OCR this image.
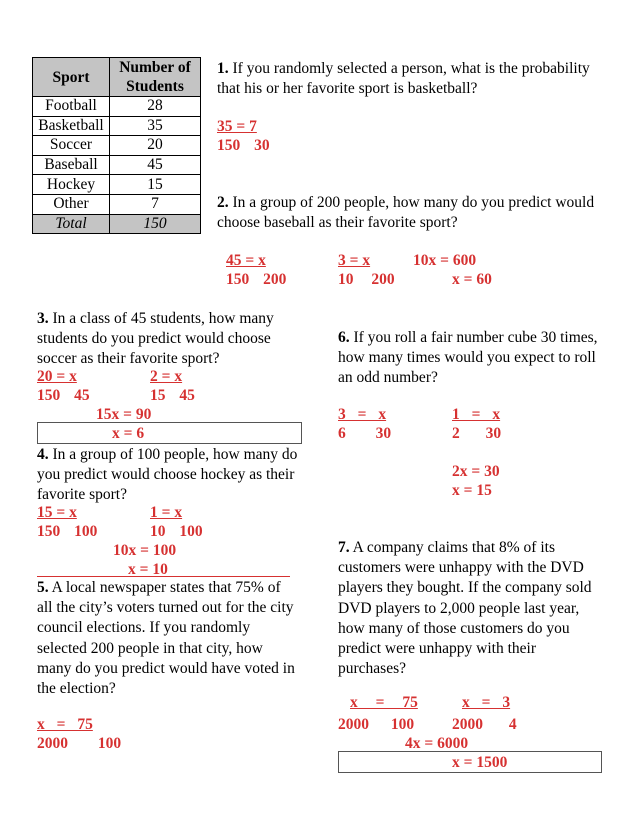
Sport	Number of Students
Football	28
Basketball	35
Soccer	20
Baseball	45
Hockey	15
Other	7
Total	150
1. If you randomly selected a person, what is the probability that his or her favorite sport is basketball?
35 = 7
150 30
2. In a group of 200 people, how many do you predict would choose baseball as their favorite sport?
45 = x
150 200
3 = x
10 200
10x = 600
x = 60
3. In a class of 45 students, how many students do you predict would choose soccer as their favorite sport?
20 = x
150 45
2 = x
15 45
15x = 90
x = 6
4. In a group of 100 people, how many do you predict would choose hockey as their favorite sport?
15 = x
150 100
1 = x
10 100
10x = 100
x = 10
5. A local newspaper states that 75% of all the city’s voters turned out for the city council elections. If you randomly selected 200 people in that city, how many do you predict would have voted in the election?
x = 75
2000 100
6. If you roll a fair number cube 30 times, how many times would you expect to roll an odd number?
3 = x
6 30
1 = x
2 30
2x = 30
x = 15
7. A company claims that 8% of its customers were unhappy with the DVD players they bought. If the company sold DVD players to 2,000 people last year, how many of those customers do you predict were unhappy with their purchases?
x = 75
2000 100
x = 3
2000 4
4x = 6000
x = 1500
